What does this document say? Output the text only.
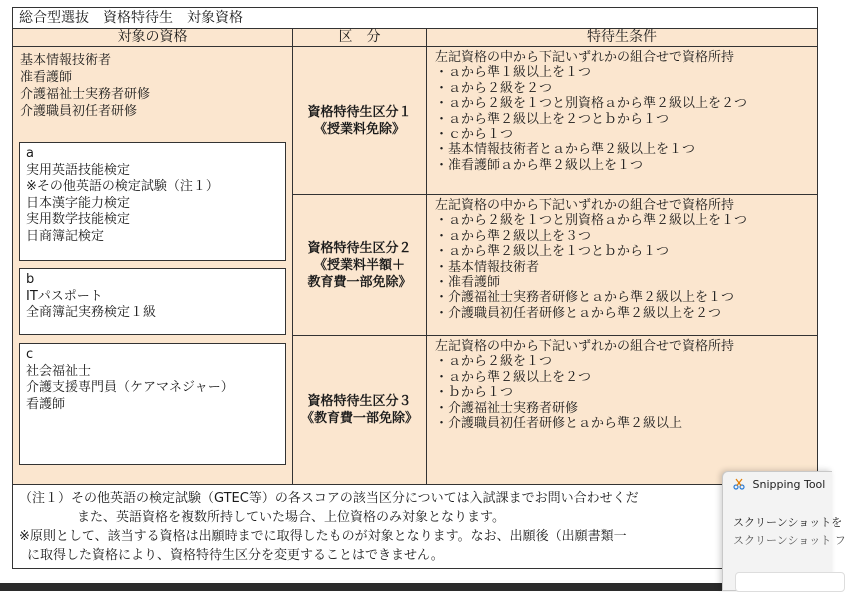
総合型選抜　資格特待生　対象資格
対象の資格	区　分	特待生条件
基本情報技術者
准看護師
介護福祉士実務者研修
介護職員初任者研修
a
実用英語技能検定
※その他英語の検定試験（注１）
日本漢字能力検定
実用数学技能検定
日商簿記検定
b
ITパスポート
全商簿記実務検定１級
c
社会福祉士
介護支援専門員（ケアマネジャー）
看護師
資格特待生区分１
《授業料免除》
資格特待生区分２
《授業料半額＋
教育費一部免除》
資格特待生区分３
《教育費一部免除》
左記資格の中から下記いずれかの組合せで資格所持
・ａから準１級以上を１つ
・ａから２級を２つ
・ａから２級を１つと別資格ａから準２級以上を２つ
・ａから準２級以上を２つとｂから１つ
・ｃから１つ
・基本情報技術者とａから準２級以上を１つ
・准看護師ａから準２級以上を１つ
左記資格の中から下記いずれかの組合せで資格所持
・ａから２級を１つと別資格ａから準２級以上を１つ
・ａから準２級以上を３つ
・ａから準２級以上を１つとｂから１つ
・基本情報技術者
・准看護師
・介護福祉士実務者研修とａから準２級以上を１つ
・介護職員初任者研修とａから準２級以上を２つ
左記資格の中から下記いずれかの組合せで資格所持
・ａから２級を１つ
・ａから準２級以上を２つ
・ｂから１つ
・介護福祉士実務者研修
・介護職員初任者研修とａから準２級以上
（注１）その他英語の検定試験（GTEC等）の各スコアの該当区分については入試課までお問い合わせくだ
また、英語資格を複数所持していた場合、上位資格のみ対象となります。
※原則として、該当する資格は出願時までに取得したものが対象となります。なお、出願後（出願書類一
に取得した資格により、資格特待生区分を変更することはできません。
Snipping Tool
スクリーンショットを
スクリーンショット フ
